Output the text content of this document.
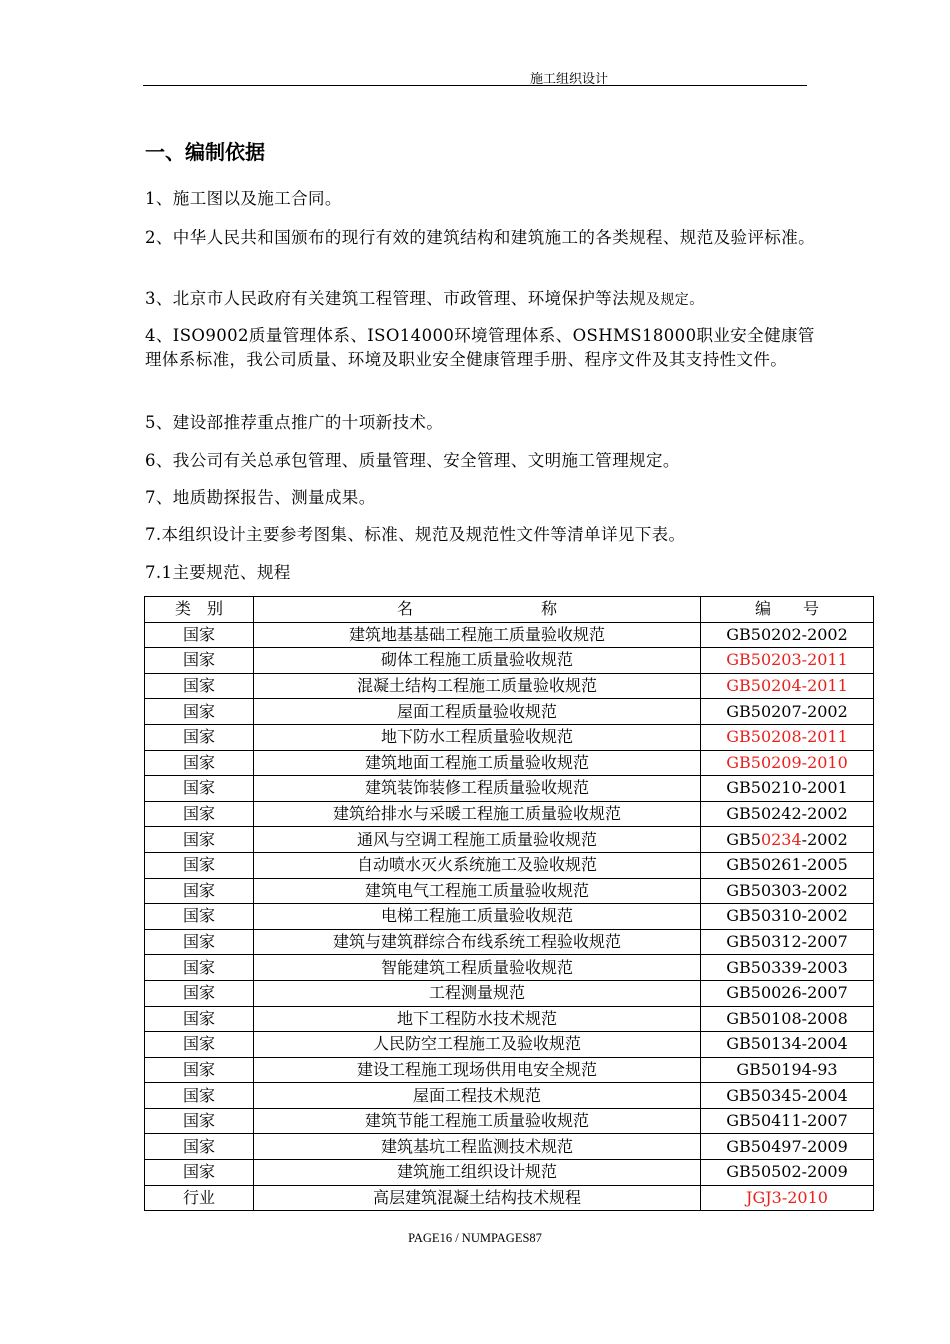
施工组织设计
一、编制依据
1、施工图以及施工合同。
2、中华人民共和国颁布的现行有效的建筑结构和建筑施工的各类规程、规范及验评标准。
3、北京市人民政府有关建筑工程管理、市政管理、环境保护等法规及规定。
4、ISO9002质量管理体系、ISO14000环境管理体系、OSHMS18000职业安全健康管理体系标准，我公司质量、环境及职业安全健康管理手册、程序文件及其支持性文件。
5、建设部推荐重点推广的十项新技术。
6、我公司有关总承包管理、质量管理、安全管理、文明施工管理规定。
7、地质勘探报告、测量成果。
7.本组织设计主要参考图集、标准、规范及规范性文件等清单详见下表。
7.1主要规范、规程
类　别	名　　　　　　　　称	编　　号
国家	建筑地基基础工程施工质量验收规范	GB50202-2002
国家	砌体工程施工质量验收规范	GB50203-2011
国家	混凝土结构工程施工质量验收规范	GB50204-2011
国家	屋面工程质量验收规范	GB50207-2002
国家	地下防水工程质量验收规范	GB50208-2011
国家	建筑地面工程施工质量验收规范	GB50209-2010
国家	建筑装饰装修工程质量验收规范	GB50210-2001
国家	建筑给排水与采暖工程施工质量验收规范	GB50242-2002
国家	通风与空调工程施工质量验收规范	GB50234-2002
国家	自动喷水灭火系统施工及验收规范	GB50261-2005
国家	建筑电气工程施工质量验收规范	GB50303-2002
国家	电梯工程施工质量验收规范	GB50310-2002
国家	建筑与建筑群综合布线系统工程验收规范	GB50312-2007
国家	智能建筑工程质量验收规范	GB50339-2003
国家	工程测量规范	GB50026-2007
国家	地下工程防水技术规范	GB50108-2008
国家	人民防空工程施工及验收规范	GB50134-2004
国家	建设工程施工现场供用电安全规范	GB50194-93
国家	屋面工程技术规范	GB50345-2004
国家	建筑节能工程施工质量验收规范	GB50411-2007
国家	建筑基坑工程监测技术规范	GB50497-2009
国家	建筑施工组织设计规范	GB50502-2009
行业	高层建筑混凝土结构技术规程	JGJ3-2010
PAGE16 / NUMPAGES87
